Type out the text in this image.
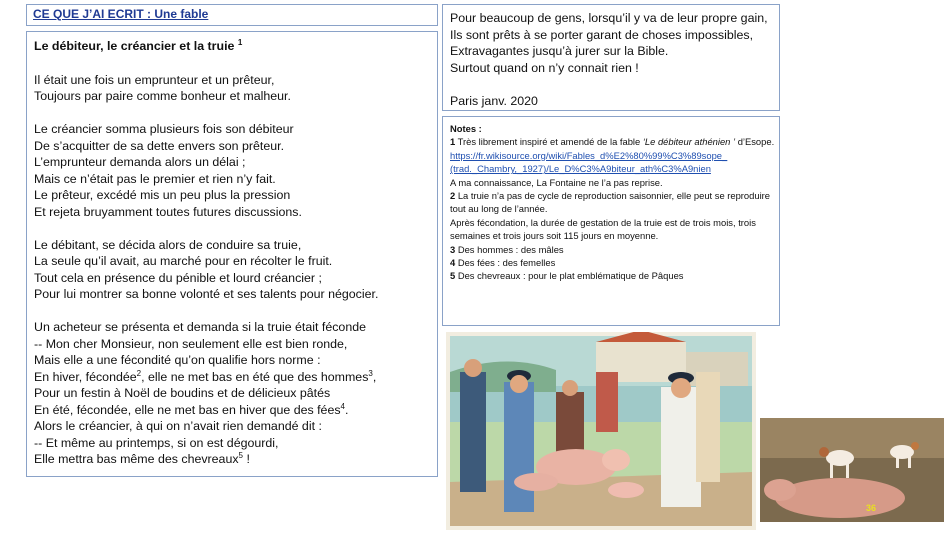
CE QUE J’AI ECRIT : Une fable
Le débiteur, le créancier et la truie $^1$
Il était une fois un emprunteur et un prêteur,
Toujours par paire comme bonheur et malheur.
Le créancier somma plusieurs fois son débiteur
De s’acquitter de sa dette envers son prêteur.
L’emprunteur demanda alors un délai ;
Mais ce n’était pas le premier et rien n’y fait.
Le prêteur, excédé mis un peu plus la pression
Et rejeta bruyamment toutes futures discussions.
Le débitant, se décida alors de conduire sa truie,
La seule qu’il avait, au marché pour en récolter le fruit.
Tout cela en présence du pénible et lourd créancier ;
Pour lui montrer sa bonne volonté et ses talents pour négocier.
Un acheteur se présenta et demanda si la truie était féconde
-- Mon cher Monsieur, non seulement elle est bien ronde,
Mais elle a une fécondité qu’on qualifie hors norme :
En hiver, fécondée$^2$, elle ne met bas en été que des hommes$^3$,
Pour un festin à Noël de boudins et de délicieux pâtés
En été, fécondée, elle ne met bas en hiver que des fées$^4$.
Alors le créancier, à qui on n’avait rien demandé dit :
-- Et même au printemps, si on est dégourdi,
Elle mettra bas même des chevreaux$^5$ !
Pour beaucoup de gens, lorsqu’il y va de leur propre gain,
Ils sont prêts à se porter garant de choses impossibles,
Extravagantes jusqu’à jurer sur la Bible.
Surtout quand on n’y connait rien !
Paris janv. 2020
Notes :
1 Très librement inspiré et amendé de la fable ‘Le débiteur athénien ’ d’Esope.
https://fr.wikisource.org/wiki/Fables_d%E2%80%99%C3%89sope_
(trad._Chambry,_1927)/Le_D%C3%A9biteur_ath%C3%A9nien
A ma connaissance, La Fontaine ne l’a pas reprise.
2 La truie n’a pas de cycle de reproduction saisonnier, elle peut se reproduire tout au long de l’année.
Après fécondation, la durée de gestation de la truie est de trois mois, trois semaines et trois jours soit 115 jours en moyenne.
3 Des hommes : des mâles
4 Des fées : des femelles
5 Des chevreaux : pour le plat emblématique de Pâques
36
